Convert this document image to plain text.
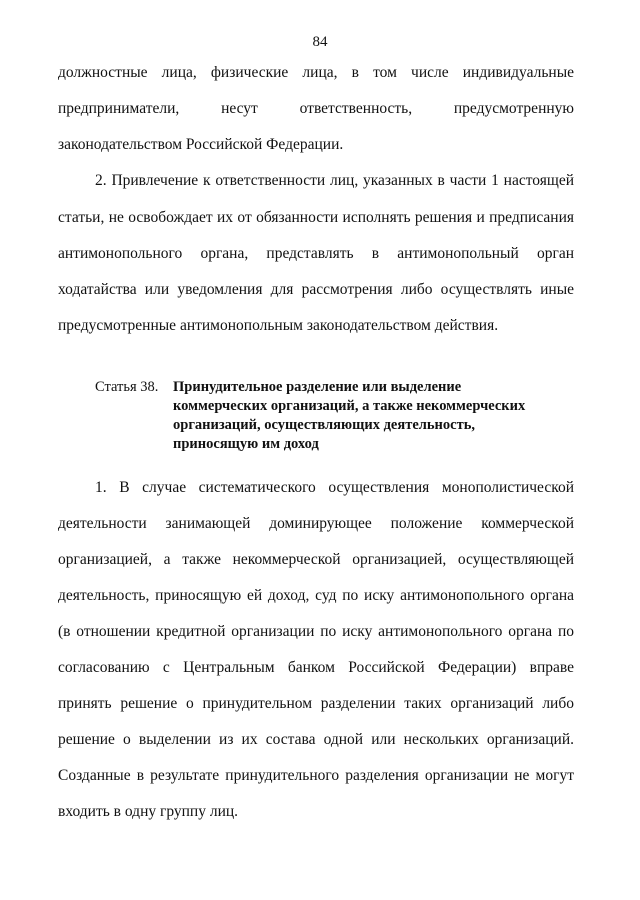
84
должностные лица, физические лица, в том числе индивидуальные
предприниматели, несут ответственность, предусмотренную
законодательством Российской Федерации.
2. Привлечение к ответственности лиц, указанных в части 1 настоящей
статьи, не освобождает их от обязанности исполнять решения и предписания
антимонопольного органа, представлять в антимонопольный орган
ходатайства или уведомления для рассмотрения либо осуществлять иные
предусмотренные антимонопольным законодательством действия.
Статья 38. Принудительное разделение или выделение
коммерческих организаций, а также некоммерческих
организаций, осуществляющих деятельность,
приносящую им доход
1. В случае систематического осуществления монополистической
деятельности занимающей доминирующее положение коммерческой
организацией, а также некоммерческой организацией, осуществляющей
деятельность, приносящую ей доход, суд по иску антимонопольного органа
(в отношении кредитной организации по иску антимонопольного органа по
согласованию с Центральным банком Российской Федерации) вправе
принять решение о принудительном разделении таких организаций либо
решение о выделении из их состава одной или нескольких организаций.
Созданные в результате принудительного разделения организации не могут
входить в одну группу лиц.
